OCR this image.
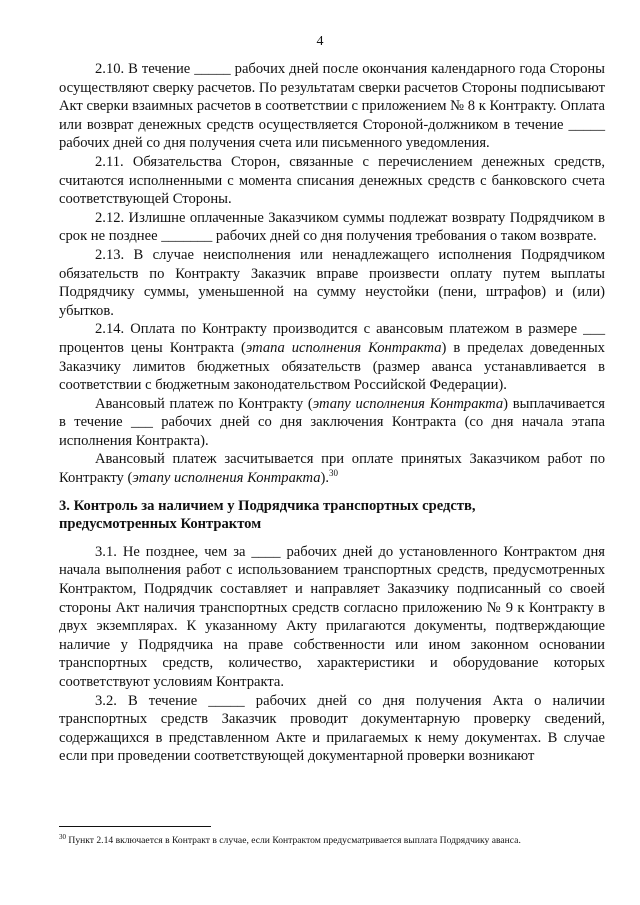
4

2.10. В течение _____ рабочих дней после окончания календарного года Стороны осуществляют сверку расчетов. По результатам сверки расчетов Стороны подписывают Акт сверки взаимных расчетов в соответствии с приложением № 8 к Контракту. Оплата или возврат денежных средств осуществляется Стороной-должником в течение _____ рабочих дней со дня получения счета или письменного уведомления.

2.11. Обязательства Сторон, связанные с перечислением денежных средств, считаются исполненными с момента списания денежных средств с банковского счета соответствующей Стороны.

2.12. Излишне оплаченные Заказчиком суммы подлежат возврату Подрядчиком в срок не позднее _______ рабочих дней со дня получения требования о таком возврате.

2.13. В случае неисполнения или ненадлежащего исполнения Подрядчиком обязательств по Контракту Заказчик вправе произвести оплату путем выплаты Подрядчику суммы, уменьшенной на сумму неустойки (пени, штрафов) и (или) убытков.

2.14. Оплата по Контракту производится с авансовым платежом в размере ___ процентов цены Контракта (этапа исполнения Контракта) в пределах доведенных Заказчику лимитов бюджетных обязательств (размер аванса устанавливается в соответствии с бюджетным законодательством Российской Федерации).

Авансовый платеж по Контракту (этапу исполнения Контракта) выплачивается в течение ___ рабочих дней со дня заключения Контракта (со дня начала этапа исполнения Контракта).

Авансовый платеж засчитывается при оплате принятых Заказчиком работ по Контракту (этапу исполнения Контракта).$^{30}$

3. Контроль за наличием у Подрядчика транспортных средств,
предусмотренных Контрактом

3.1. Не позднее, чем за ____ рабочих дней до установленного Контрактом дня начала выполнения работ с использованием транспортных средств, предусмотренных Контрактом, Подрядчик составляет и направляет Заказчику подписанный со своей стороны Акт наличия транспортных средств согласно приложению № 9 к Контракту в двух экземплярах. К указанному Акту прилагаются документы, подтверждающие наличие у Подрядчика на праве собственности или ином законном основании транспортных средств, количество, характеристики и оборудование которых соответствуют условиям Контракта.

3.2. В течение _____ рабочих дней со дня получения Акта о наличии транспортных средств Заказчик проводит документарную проверку сведений, содержащихся в представленном Акте и прилагаемых к нему документах. В случае если при проведении соответствующей документарной проверки возникают

$^{30}$ Пункт 2.14 включается в Контракт в случае, если Контрактом предусматривается выплата Подрядчику аванса.
